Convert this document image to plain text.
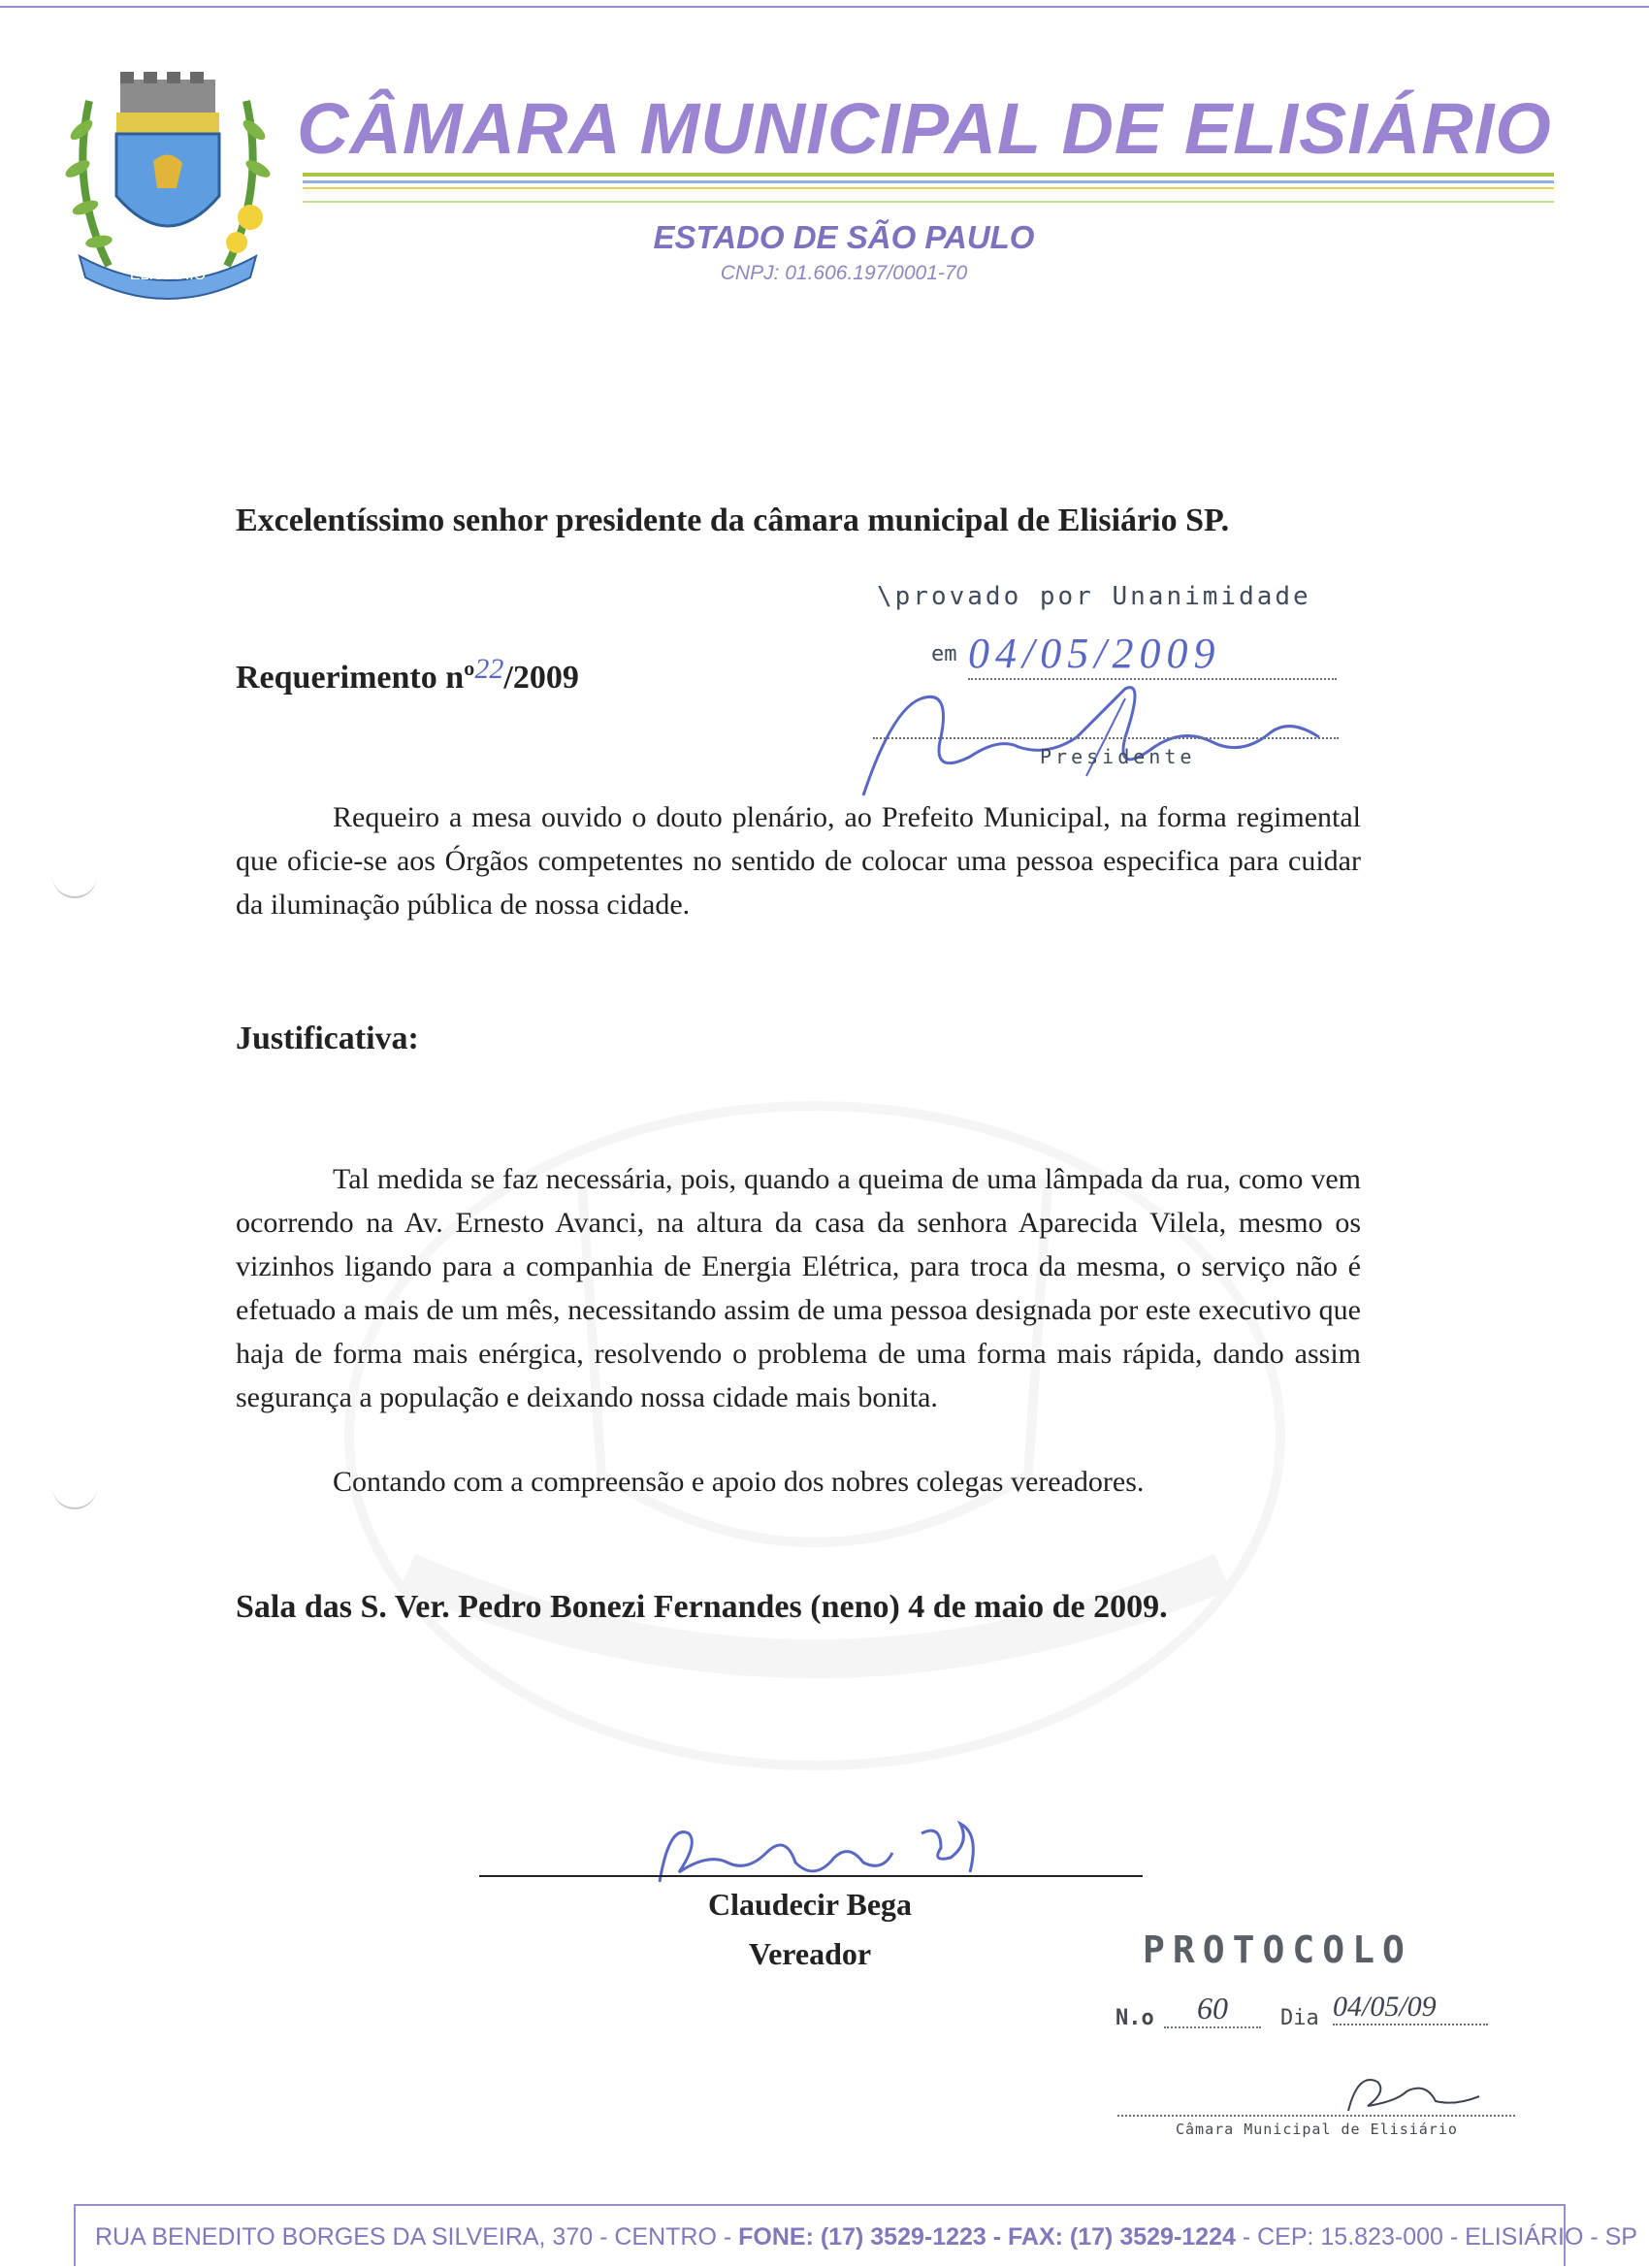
ELISIÁRIO
CÂMARA MUNICIPAL DE ELISIÁRIO
ESTADO DE SÃO PAULO
CNPJ: 01.606.197/0001-70
Excelentíssimo senhor presidente da câmara municipal de Elisiário SP.
\provado por Unanimidade
em 04/05/2009
Presidente
Requerimento nº22/2009

Requeiro a mesa ouvido o douto plenário, ao Prefeito Municipal, na forma regimental que oficie-se aos Órgãos competentes no sentido de colocar uma pessoa especifica para cuidar da iluminação pública de nossa cidade.

Justificativa:

Tal medida se faz necessária, pois, quando a queima de uma lâmpada da rua, como vem ocorrendo na Av. Ernesto Avanci, na altura da casa da senhora Aparecida Vilela, mesmo os vizinhos ligando para a companhia de Energia Elétrica, para troca da mesma, o serviço não é efetuado a mais de um mês, necessitando assim de uma pessoa designada por este executivo que haja de forma mais enérgica, resolvendo o problema de uma forma mais rápida, dando assim segurança a população e deixando nossa cidade mais bonita.

Contando com a compreensão e apoio dos nobres colegas vereadores.

Sala das S. Ver. Pedro Bonezi Fernandes (neno) 4 de maio de 2009.
Claudecir Bega
Vereador	PROTOCOLO
N.o	60	Dia 04/05/09
Câmara Municipal de Elisiário
RUA BENEDITO BORGES DA SILVEIRA, 370 - CENTRO - FONE: (17) 3529-1223 - FAX: (17) 3529-1224 - CEP: 15.823-000 - ELISIÁRIO - SP
